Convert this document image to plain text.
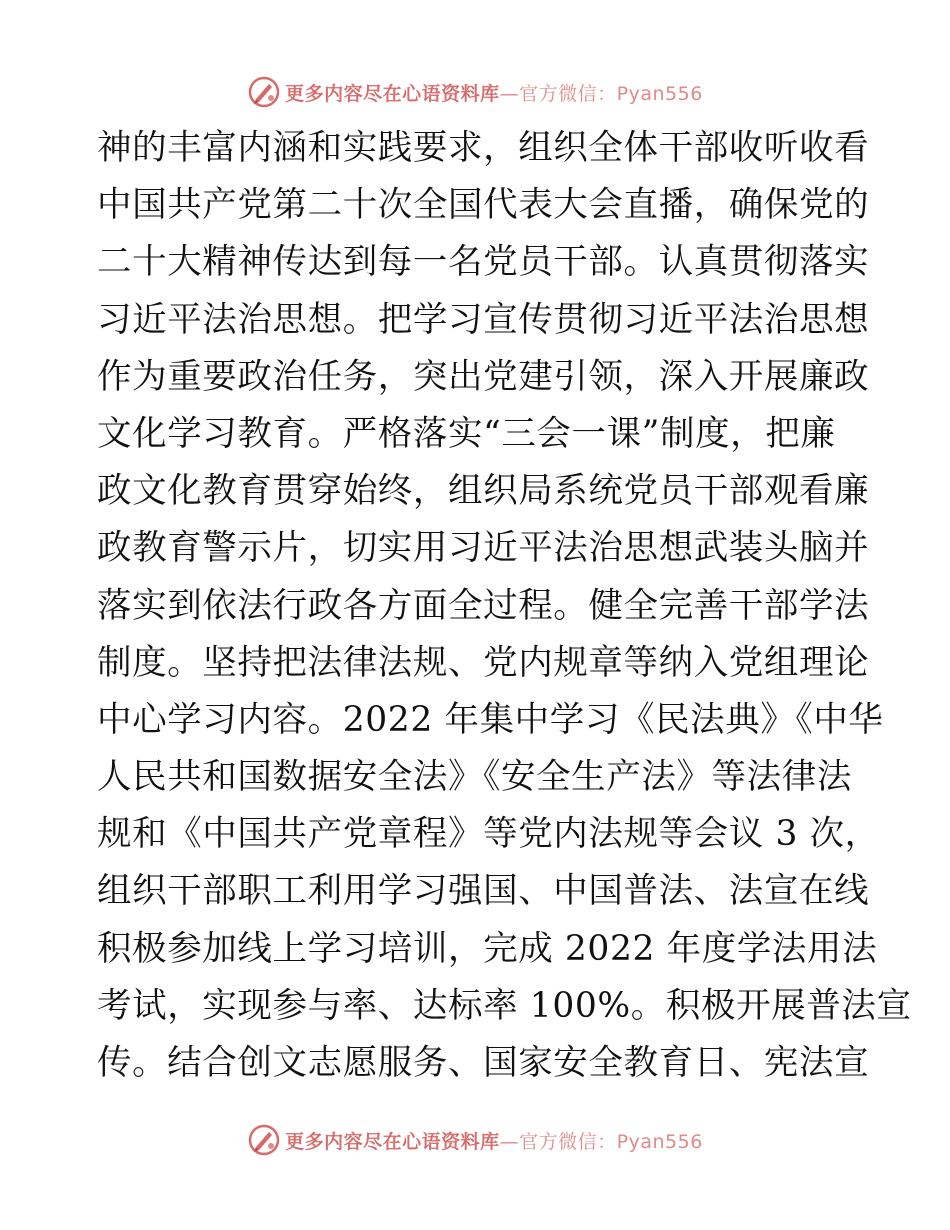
更多内容尽在心语资料库—官方微信：Pyan556
神的丰富内涵和实践要求，组织全体干部收听收看
中国共产党第二十次全国代表大会直播，确保党的
二十大精神传达到每一名党员干部。认真贯彻落实
习近平法治思想。把学习宣传贯彻习近平法治思想
作为重要政治任务，突出党建引领，深入开展廉政
文化学习教育。严格落实“三会一课”制度，把廉
政文化教育贯穿始终，组织局系统党员干部观看廉
政教育警示片，切实用习近平法治思想武装头脑并
落实到依法行政各方面全过程。健全完善干部学法
制度。坚持把法律法规、党内规章等纳入党组理论
中心学习内容。2022 年集中学习《民法典》《中华
人民共和国数据安全法》《安全生产法》等法律法
规和《中国共产党章程》等党内法规等会议 3 次，
组织干部职工利用学习强国、中国普法、法宣在线
积极参加线上学习培训，完成 2022 年度学法用法
考试，实现参与率、达标率 100%。积极开展普法宣
传。结合创文志愿服务、国家安全教育日、宪法宣
更多内容尽在心语资料库—官方微信：Pyan556
